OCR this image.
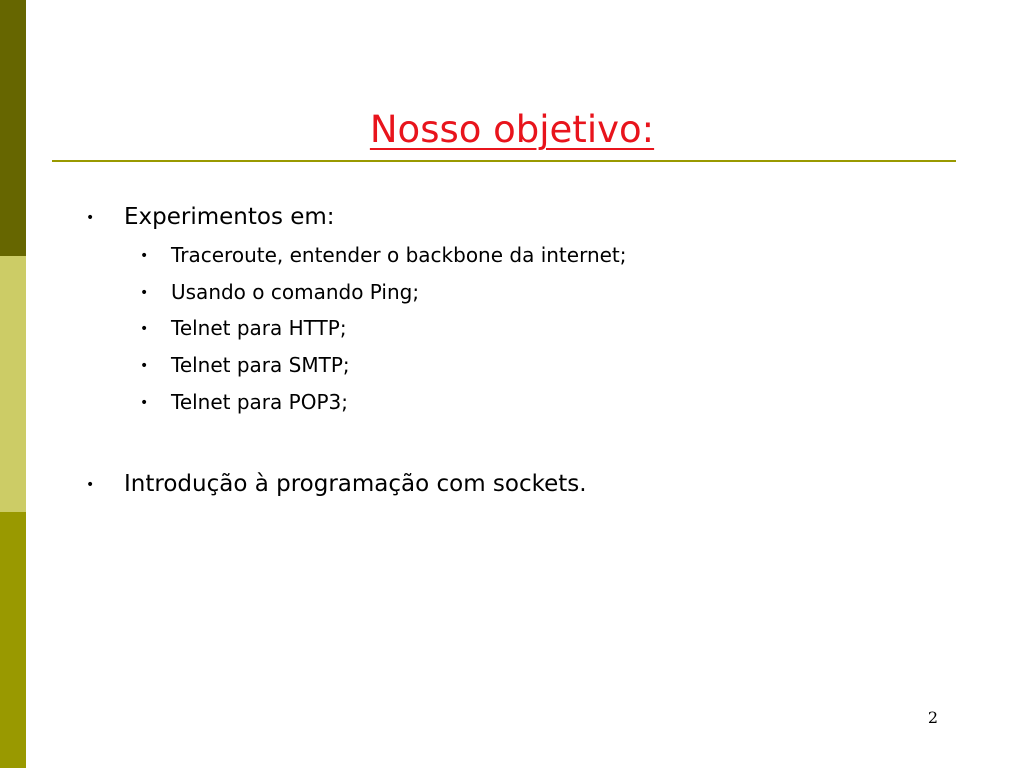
Nosso objetivo:
• Experimentos em:
• Traceroute, entender o backbone da internet;
• Usando o comando Ping;
• Telnet para HTTP;
• Telnet para SMTP;
• Telnet para POP3;
• Introdução à programação com sockets.
2
